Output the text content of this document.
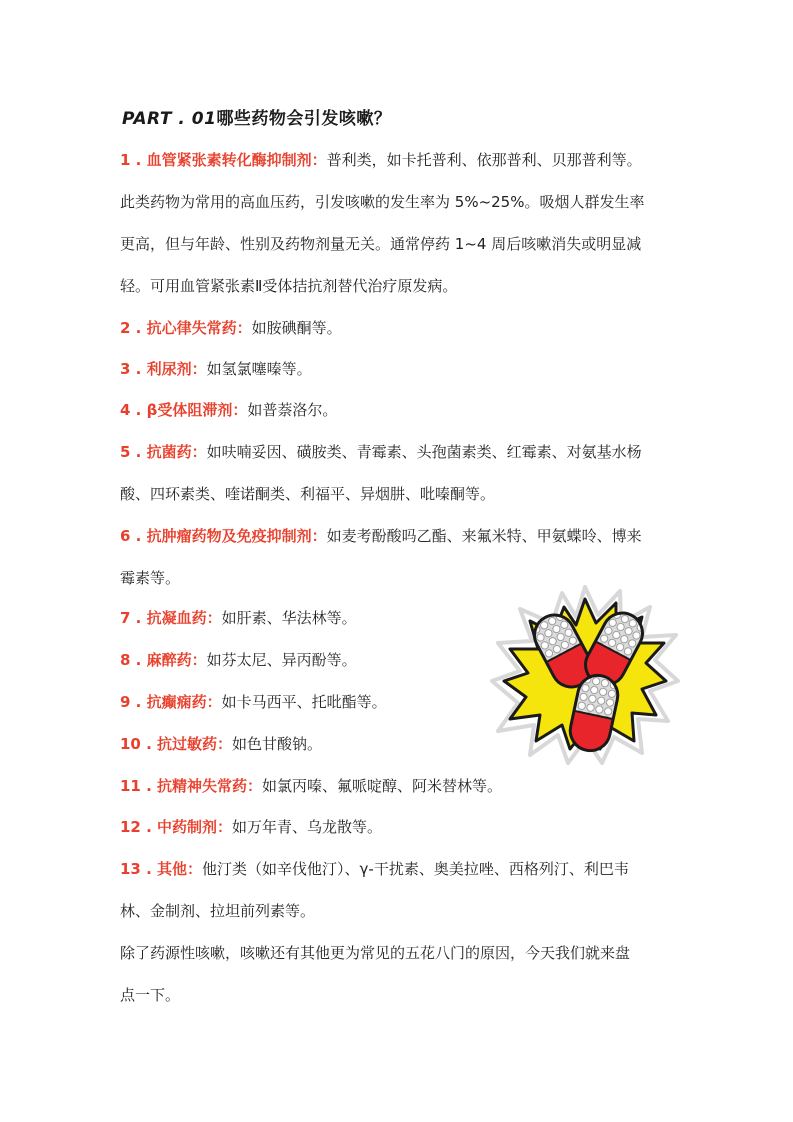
PART . 01哪些药物会引发咳嗽？
1 . 血管紧张素转化酶抑制剂：普利类，如卡托普利、依那普利、贝那普利等。
此类药物为常用的高血压药，引发咳嗽的发生率为 5%~25%。吸烟人群发生率
更高，但与年龄、性别及药物剂量无关。通常停药 1~4 周后咳嗽消失或明显减
轻。可用血管紧张素Ⅱ受体拮抗剂替代治疗原发病。
2 . 抗心律失常药：如胺碘酮等。
3 . 利尿剂：如氢氯噻嗪等。
4 . β受体阻滞剂：如普萘洛尔。
5 . 抗菌药：如呋喃妥因、磺胺类、青霉素、头孢菌素类、红霉素、对氨基水杨
酸、四环素类、喹诺酮类、利福平、异烟肼、吡嗪酮等。
6 . 抗肿瘤药物及免疫抑制剂：如麦考酚酸吗乙酯、来氟米特、甲氨蝶呤、博来
霉素等。
7 . 抗凝血药：如肝素、华法林等。
8 . 麻醉药：如芬太尼、异丙酚等。
9 . 抗癫痫药：如卡马西平、托吡酯等。
10 . 抗过敏药：如色甘酸钠。
11 . 抗精神失常药：如氯丙嗪、氟哌啶醇、阿米替林等。
12 . 中药制剂：如万年青、乌龙散等。
13 . 其他：他汀类（如辛伐他汀）、γ-干扰素、奥美拉唑、西格列汀、利巴韦
林、金制剂、拉坦前列素等。
除了药源性咳嗽，咳嗽还有其他更为常见的五花八门的原因，今天我们就来盘
点一下。
